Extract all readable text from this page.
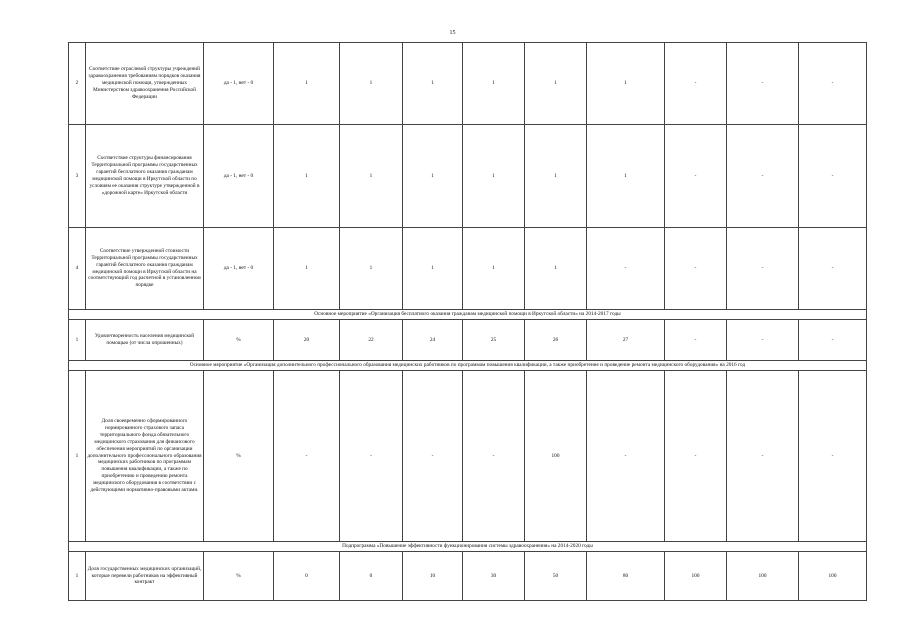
15
2	Соответствие отраслевой структуры учреждений здравоохранения требованиям порядков оказания медицинской помощи, утвержденных Министерством здравоохранения Российской Федерации	да - 1, нет - 0	1	1	1	1	1	1	-	-	-
3	Соответствие структуры финансирования Территориальной программы государственных гарантий бесплатного оказания гражданам медицинской помощи в Иркутской области по условиям ее оказания структуре утвержденной в «дорожной карте» Иркутской области	да - 1, нет - 0	1	1	1	1	1	1	-	-	-
4	Соответствие утвержденной стоимости Территориальной программы государственных гарантий бесплатного оказания гражданам медицинской помощи в Иркутской области на соответствующий год расчетной в установленном порядке	да - 1, нет - 0	1	1	1	1	1	-	-	-	-
Основное мероприятие «Организация бесплатного оказания гражданам медицинской помощи в Иркутской области» на 2014-2017 годы											
1	Удовлетворенность населения медицинской помощью (от числа опрошенных)	%	20	22	24	25	26	27	-	-	-
Основное мероприятие «Организация дополнительного профессионального образования медицинских работников по программам повышения квалификации, а также приобретение и проведение ремонта медицинского оборудования» на 2016 год											
1	Доля своевременно сформированного нормированного страхового запаса территориального фонда обязательного медицинского страхования для финансового обеспечения мероприятий по организации дополнительного профессионального образования медицинских работников по программам повышения квалификации, а также по приобретению и проведению ремонта медицинского оборудования в соответствии с действующими нормативно-правовыми актами.	%	-	-	-	-	100	-	-	-	-
Подпрограмма «Повышение эффективности функционирования системы здравоохранения» на 2014-2020 годы											
1	Доля государственных медицинских организаций, которые перевели работников на эффективный контракт	%	0	0	10	30	50	80	100	100	100
